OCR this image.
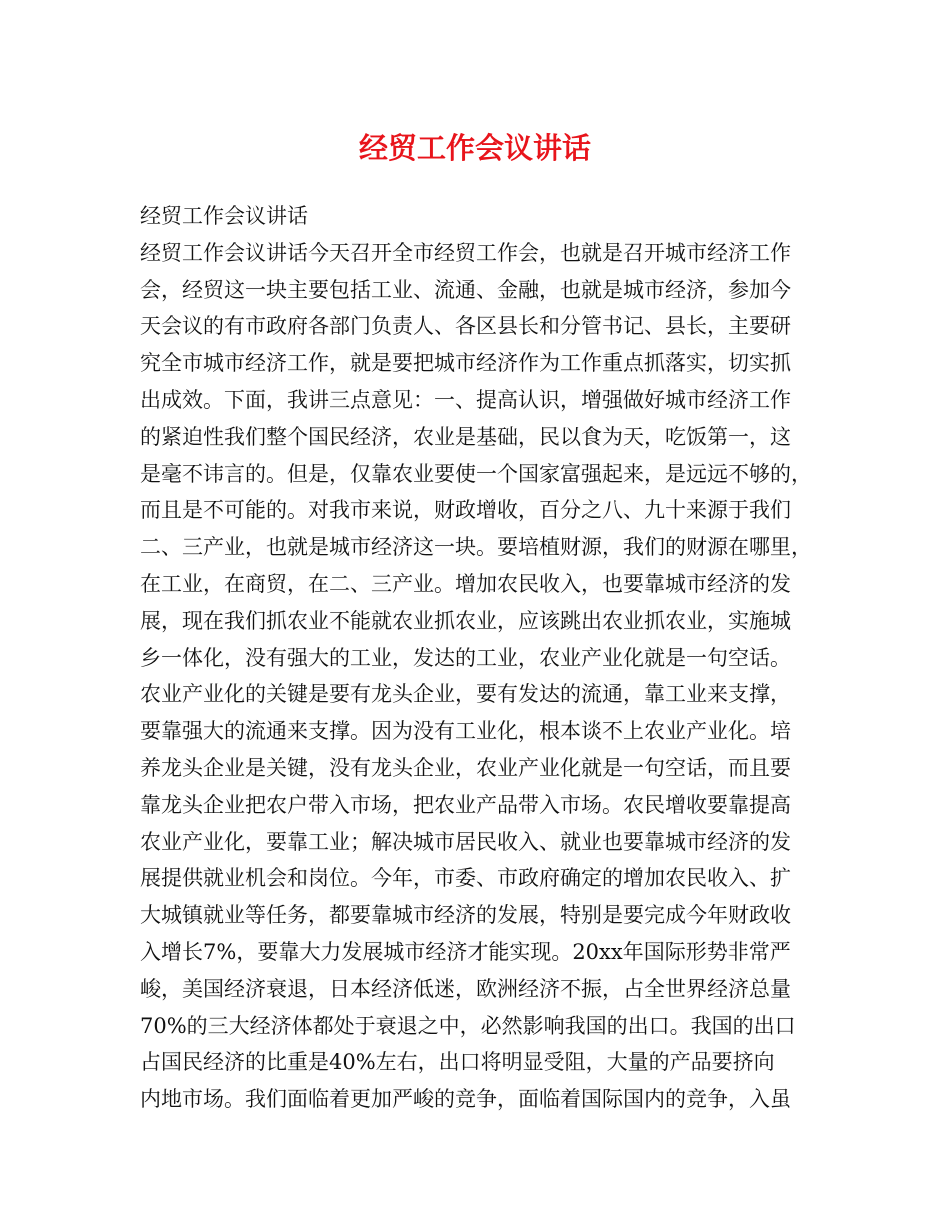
经贸工作会议讲话
经贸工作会议讲话
经贸工作会议讲话今天召开全市经贸工作会，也就是召开城市经济工作
会，经贸这一块主要包括工业、流通、金融，也就是城市经济，参加今
天会议的有市政府各部门负责人、各区县长和分管书记、县长，主要研
究全市城市经济工作，就是要把城市经济作为工作重点抓落实，切实抓
出成效。下面，我讲三点意见：一、提高认识，增强做好城市经济工作
的紧迫性我们整个国民经济，农业是基础，民以食为天，吃饭第一，这
是毫不讳言的。但是，仅靠农业要使一个国家富强起来，是远远不够的，
而且是不可能的。对我市来说，财政增收，百分之八、九十来源于我们
二、三产业，也就是城市经济这一块。要培植财源，我们的财源在哪里，
在工业，在商贸，在二、三产业。增加农民收入，也要靠城市经济的发
展，现在我们抓农业不能就农业抓农业，应该跳出农业抓农业，实施城
乡一体化，没有强大的工业，发达的工业，农业产业化就是一句空话。
农业产业化的关键是要有龙头企业，要有发达的流通，靠工业来支撑，
要靠强大的流通来支撑。因为没有工业化，根本谈不上农业产业化。培
养龙头企业是关键，没有龙头企业，农业产业化就是一句空话，而且要
靠龙头企业把农户带入市场，把农业产品带入市场。农民增收要靠提高
农业产业化，要靠工业；解决城市居民收入、就业也要靠城市经济的发
展提供就业机会和岗位。今年，市委、市政府确定的增加农民收入、扩
大城镇就业等任务，都要靠城市经济的发展，特别是要完成今年财政收
入增长7%，要靠大力发展城市经济才能实现。20xx年国际形势非常严
峻，美国经济衰退，日本经济低迷，欧洲经济不振，占全世界经济总量
70%的三大经济体都处于衰退之中，必然影响我国的出口。我国的出口
占国民经济的比重是40%左右，出口将明显受阻，大量的产品要挤向
内地市场。我们面临着更加严峻的竞争，面临着国际国内的竞争，入虽
